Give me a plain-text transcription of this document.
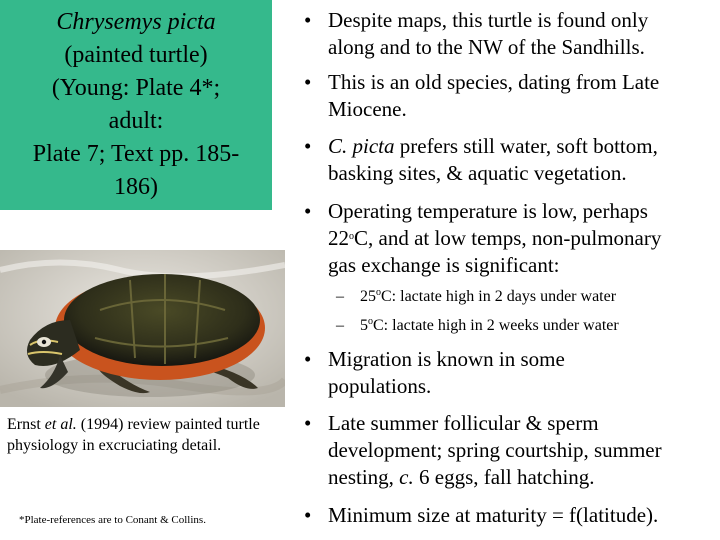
Chrysemys picta
(painted turtle)
(Young: Plate 4*;
adult:
Plate 7; Text pp. 185-
186)
Ernst et al. (1994) review painted turtle physiology in excruciating detail.
*Plate-references are to Conant & Collins.
• Despite maps, this turtle is found only
along and to the NW of the Sandhills.
• This is an old species, dating from Late
Miocene.
• C. picta prefers still water, soft bottom,
basking sites, & aquatic vegetation.
• Operating temperature is low, perhaps
22$^o$C, and at low temps, non-pulmonary
gas exchange is significant:
– 25$^o$C: lactate high in 2 days under water
– 5$^o$C: lactate high in 2 weeks under water
• Migration is known in some
populations.
• Late summer follicular & sperm
development; spring courtship, summer
nesting, c. 6 eggs, fall hatching.
• Minimum size at maturity = f(latitude).
